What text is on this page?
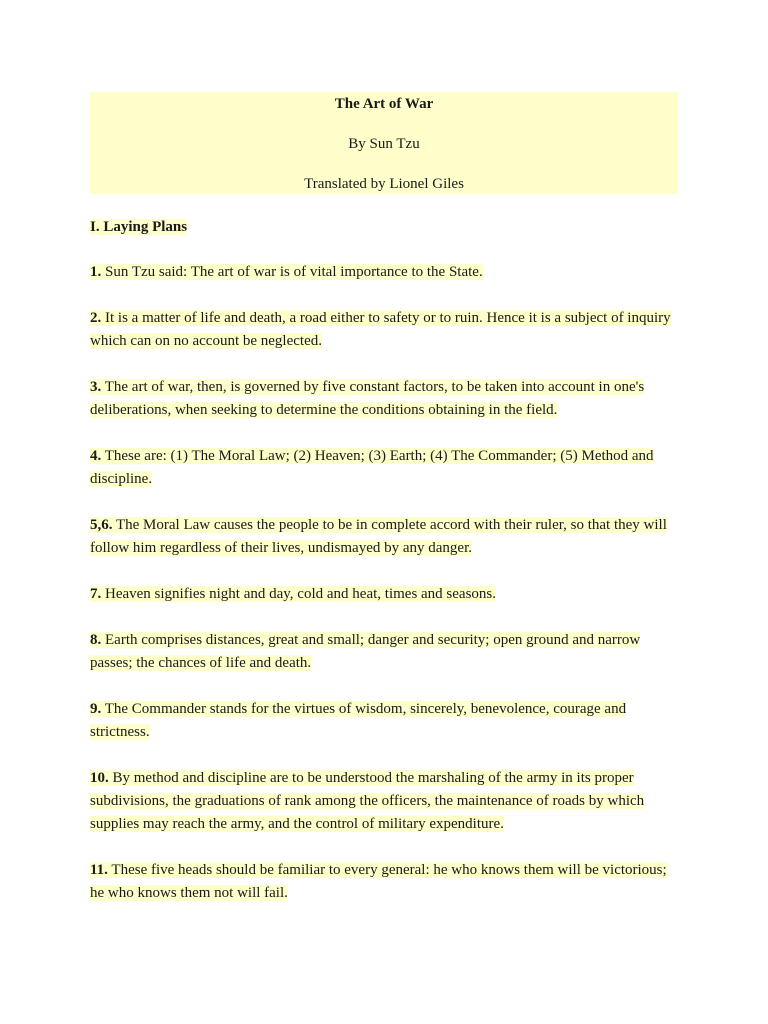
The Art of War
By Sun Tzu
Translated by Lionel Giles
I. Laying Plans
1. Sun Tzu said: The art of war is of vital importance to the State.
2. It is a matter of life and death, a road either to safety or to ruin. Hence it is a subject of inquiry which can on no account be neglected.
3. The art of war, then, is governed by five constant factors, to be taken into account in one's deliberations, when seeking to determine the conditions obtaining in the field.
4. These are: (1) The Moral Law; (2) Heaven; (3) Earth; (4) The Commander; (5) Method and discipline.
5,6. The Moral Law causes the people to be in complete accord with their ruler, so that they will follow him regardless of their lives, undismayed by any danger.
7. Heaven signifies night and day, cold and heat, times and seasons.
8. Earth comprises distances, great and small; danger and security; open ground and narrow passes; the chances of life and death.
9. The Commander stands for the virtues of wisdom, sincerely, benevolence, courage and strictness.
10. By method and discipline are to be understood the marshaling of the army in its proper subdivisions, the graduations of rank among the officers, the maintenance of roads by which supplies may reach the army, and the control of military expenditure.
11. These five heads should be familiar to every general: he who knows them will be victorious; he who knows them not will fail.
